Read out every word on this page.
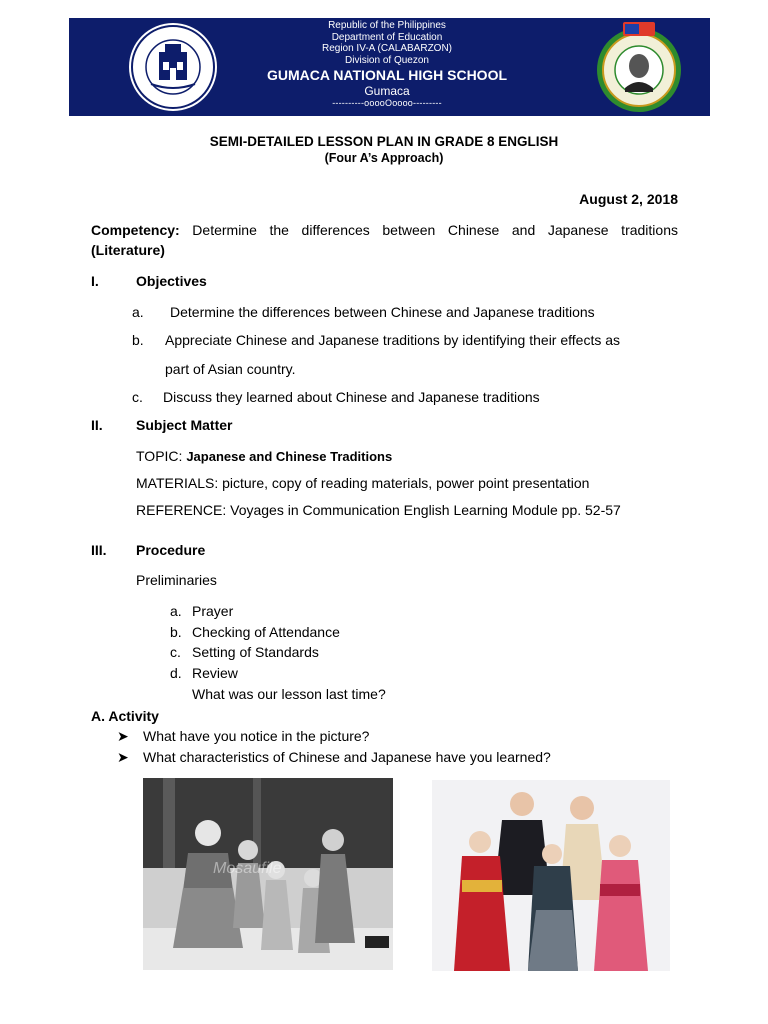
Republic of the Philippines
Department of Education
Region IV-A (CALABARZON)
Division of Quezon
GUMACA NATIONAL HIGH SCHOOL
Gumaca
----------ooooOoooo---------
SEMI-DETAILED LESSON PLAN IN GRADE 8 ENGLISH
(Four A’s Approach)
August 2, 2018
Competency: Determine the differences between Chinese and Japanese traditions
(Literature)
I.	Objectives
a. Determine the differences between Chinese and Japanese traditions
b. Appreciate Chinese and Japanese traditions by identifying their effects as
part of Asian country.
c. Discuss they learned about Chinese and Japanese traditions
II. Subject Matter
TOPIC: Japanese and Chinese Traditions
MATERIALS: picture, copy of reading materials, power point presentation
REFERENCE: Voyages in Communication English Learning Module pp. 52-57
III. Procedure
Preliminaries
a. Prayer
b. Checking of Attendance
c. Setting of Standards
d. Review
What was our lesson last time?
A. Activity
➤ What have you notice in the picture?
➤ What characteristics of Chinese and Japanese have you learned?
Mosaufile
